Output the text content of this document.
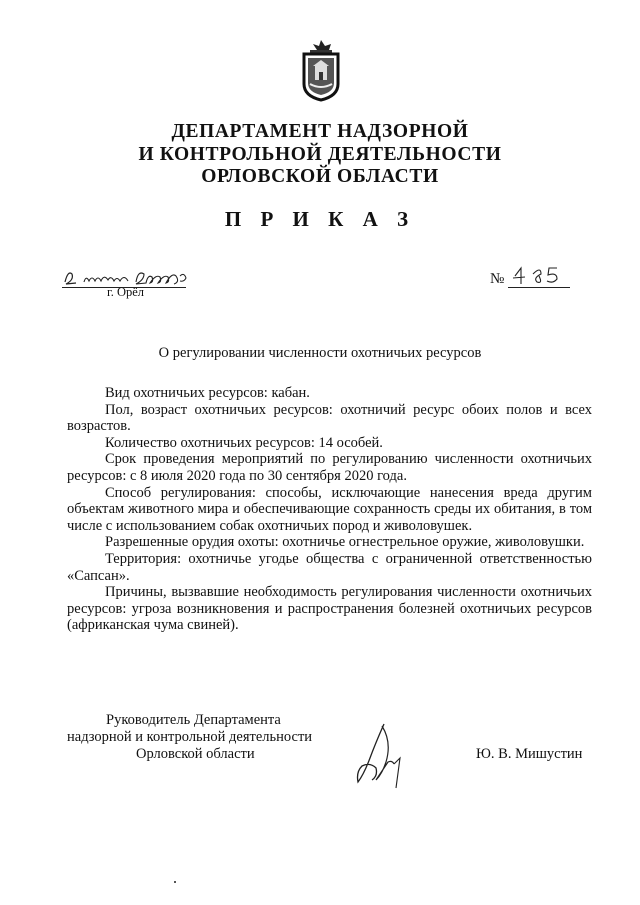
ДЕПАРТАМЕНТ НАДЗОРНОЙ
И КОНТРОЛЬНОЙ ДЕЯТЕЛЬНОСТИ
ОРЛОВСКОЙ ОБЛАСТИ
П Р И К А З
г. Орёл
№
О регулировании численности охотничьих ресурсов

Вид охотничьих ресурсов: кабан.

Пол, возраст охотничьих ресурсов: охотничий ресурс обоих полов и всех возрастов.

Количество охотничьих ресурсов: 14 особей.

Срок проведения мероприятий по регулированию численности охотничьих ресурсов: с 8 июля 2020 года по 30 сентября 2020 года.

Способ регулирования: способы, исключающие нанесения вреда другим объектам животного мира и обеспечивающие сохранность среды их обитания, в том числе с использованием собак охотничьих пород и живоловушек.

Разрешенные орудия охоты: охотничье огнестрельное оружие, живоловушки.

Территория: охотничье угодье общества с ограниченной ответственностью «Сапсан».

Причины, вызвавшие необходимость регулирования численности охотничьих ресурсов: угроза возникновения и распространения болезней охотничьих ресурсов (африканская чума свиней).

Руководитель Департамента
надзорной и контрольной деятельности
Орловской области	Ю. В. Мишустин
